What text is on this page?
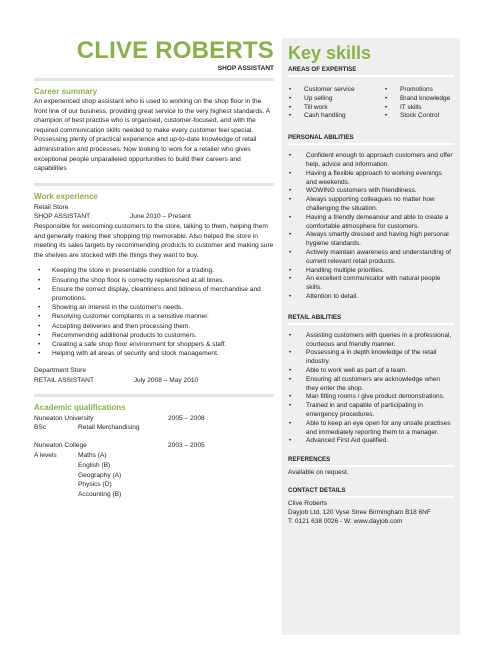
CLIVE ROBERTS
SHOP ASSISTANT
Career summary
An experienced shop assistant who is used to working on the shop floor in the front line of our business, providing great service to the very highest standards. A champion of best practise who is organised, customer-focused, and with the required communication skills needed to make every customer feel special. Possessing plenty of practical experience and up-to-date knowledge of retail administration and processes. Now looking to work for a retailer who gives exceptional people unparalleled opportunities to build their careers and capabilities
Work experience
Retail Store
SHOP ASSISTANT	June 2010 – Present
Responsible for welcoming customers to the store, talking to them, helping them and generally making their shopping trip memorable. Also helped the store in meeting its sales targets by recommending products to customer and making sure the shelves are stocked with the things they want to buy.
• Keeping the store in presentable condition for a trading.
• Ensuring the shop floor is correctly replenished at all times.
• Ensure the correct display, cleanliness and tidiness of merchandise and promotions.
• Showing an interest in the customer's needs.
• Resolving customer complaints in a sensitive manner.
• Accepting deliveries and then processing them.
• Recommending additional products to customers.
• Creating a safe shop floor environment for shoppers & staff.
• Helping with all areas of security and stock management.
Department Store
RETAIL ASSISTANT	July 2008 – May 2010
Academic qualifications
Nuneaton University	2005 – 2008
BSc	Retail Merchandising
Nuneaton College	2003 – 2005
A levels	Maths (A)
English (B)
Geography (A)
Physics (D)
Accounting (B)
Key skills
AREAS OF EXPERTISE
• Customer service
• Up selling
• Till work
• Cash handling
• Promotions
• Brand knowledge
• IT skills
• Stock Control
PERSONAL ABILITIES
• Confident enough to approach customers and offer help, advice and information.
• Having a flexible approach to working evenings and weekends.
• WOWING customers with friendliness.
• Always supporting colleagues no matter how challenging the situation.
• Having a friendly demeanour and able to create a comfortable atmosphere for customers.
• Always smartly dressed and having high personal hygiene standards.
• Actively maintain awareness and understanding of current relevant retail products.
• Handling multiple priorities.
• An excellent communicator with natural people skills.
• Attention to detail.
RETAIL ABILITIES
• Assisting customers with queries in a professional, courteous and friendly manner.
• Possessing a in depth knowledge of the retail industry.
• Able to work well as part of a team.
• Ensuring all customers are acknowledge when they enter the shop.
• Man fitting rooms / give product demonstrations.
• Trained in and capable of participating in emergency procedures.
• Able to keep an eye open for any unsafe practises and immediately reporting them to a manager.
• Advanced First Aid qualified.
REFERENCES
Available on request.
CONTACT DETAILS
Clive Roberts
Dayjob Ltd, 120 Vyse Stree Birmingham B18 6NF
T: 0121 638 0026 - W: www.dayjob.com
